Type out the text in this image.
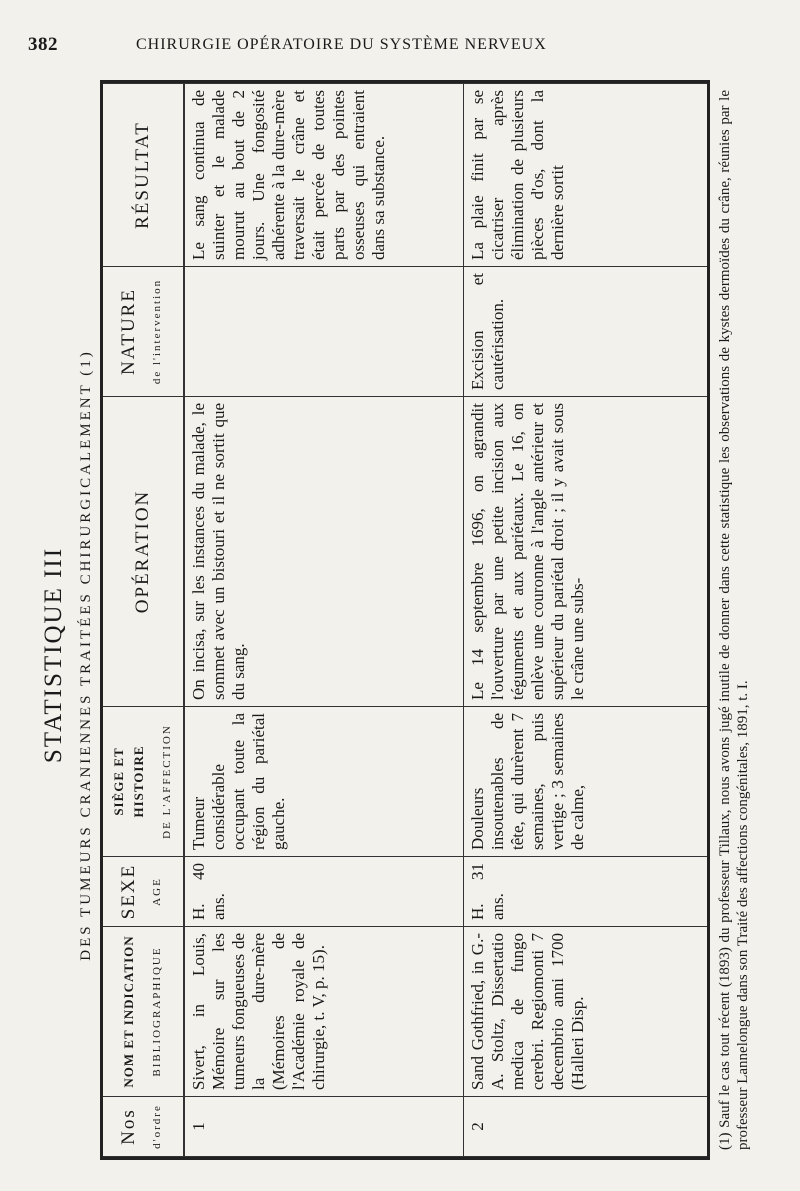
382	CHIRURGIE OPÉRATOIRE DU SYSTÈME NERVEUX
STATISTIQUE III DES TUMEURS CRANIENNES TRAITÉES CHIRURGICALEMENT (1)
Nos d'ordre	NOM ET INDICATION BIBLIOGRAPHIQUE	SEXE AGE	SIÈGE ET HISTOIRE DE L'AFFECTION	OPÉRATION	NATURE de l'intervention	RÉSULTAT

1	Sivert, in Louis, Mémoire sur les tumeurs fongueuses de la dure-mère (Mémoires de l'Académie royale de chirurgie, t. V, p. 15).	H. 40 ans.	Tumeur considérable occupant toute la région du pariétal gauche.	On incisa, sur les instances du malade, le sommet avec un bistouri et il ne sortit que du sang.		Le sang continua de suinter et le malade mourut au bout de 2 jours. Une fongosité adhérente à la dure-mère traversait le crâne et était percée de toutes parts par des pointes osseuses qui entraient dans sa substance.
2	Sand Gothfried, in G.-A. Stoltz, Dissertatio medica de fungo cerebri. Regiomonti 7 decembrio anni 1700 (Halleri Disp.	H. 31 ans.	Douleurs insoutenables de tête, qui durèrent 7 semaines, puis vertige ; 3 semaines de calme,	Le 14 septembre 1696, on agrandit l'ouverture par une petite incision aux téguments et aux pariétaux. Le 16, on enlève une couronne à l'angle antérieur et supérieur du pariétal droit ; il y avait sous le crâne une subs-	Excision et cautérisation.	La plaie finit par se cicatriser après élimination de plusieurs pièces d'os, dont la dernière sortit	(1) Sauf le cas tout récent (1893) du professeur Tillaux, nous avons jugé inutile de donner dans cette statistique les observations de kystes dermoïdes du crâne, réunies par le professeur Lannelongue dans son Traité des affections congénitales, 1891, t. I.
